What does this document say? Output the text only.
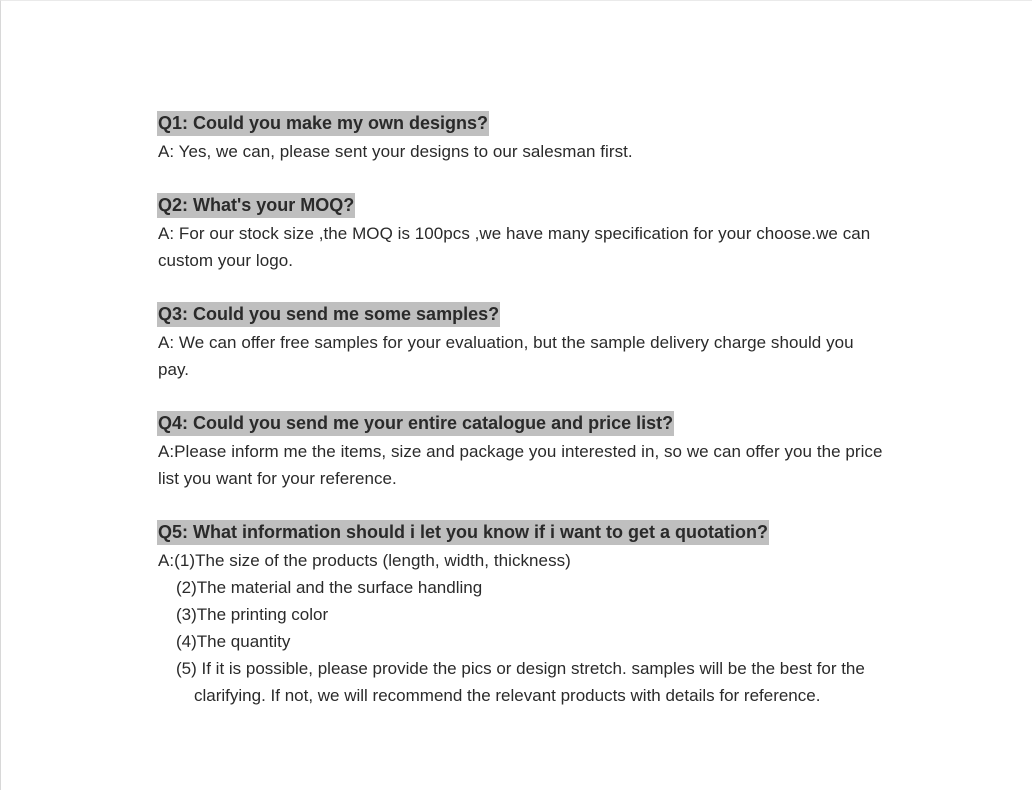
Q1: Could you make my own designs?

A: Yes, we can, please sent your designs to our salesman first.

Q2: What's your MOQ?

A: For our stock size ,the MOQ is 100pcs ,we have many specification for your choose.we can custom your logo.

Q3: Could you send me some samples?

A: We can offer free samples for your evaluation, but the sample delivery charge should you pay.

Q4: Could you send me your entire catalogue and price list?

A:Please inform me the items, size and package you interested in, so we can offer you the price list you want for your reference.

Q5: What information should i let you know if i want to get a quotation?

A:(1)The size of the products (length, width, thickness)

(2)The material and the surface handling

(3)The printing color

(4)The quantity

(5) If it is possible, please provide the pics or design stretch. samples will be the best for the clarifying. If not, we will recommend the relevant products with details for reference.
